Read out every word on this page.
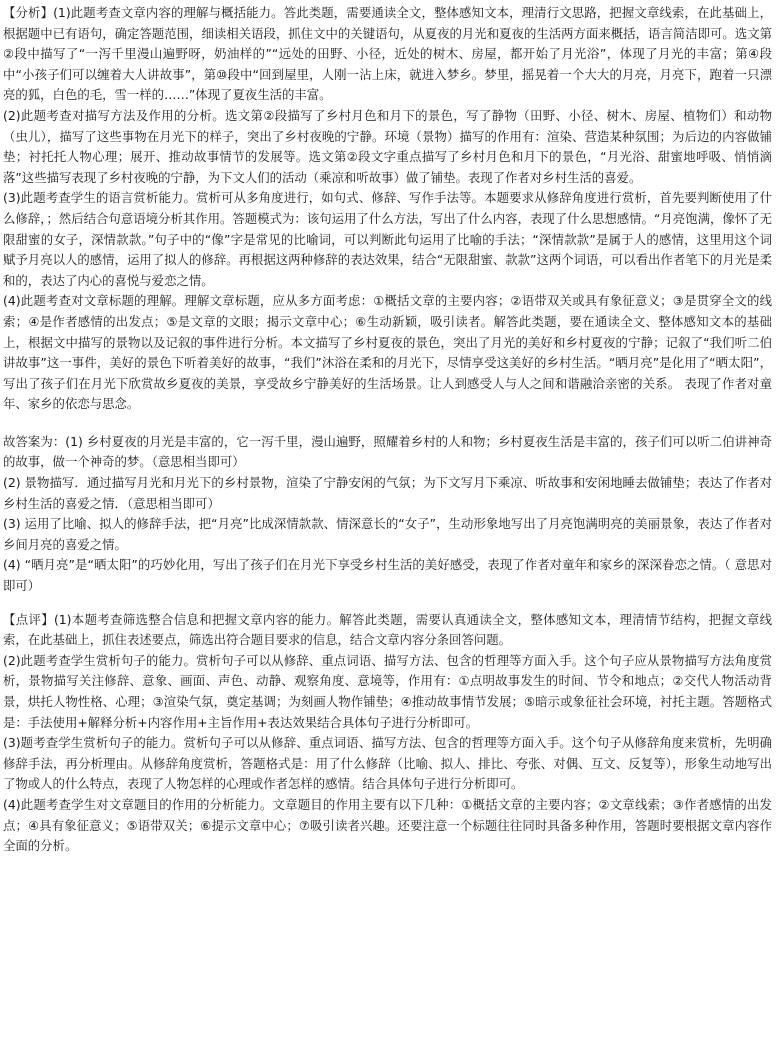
【分析】(1)此题考查文章内容的理解与概括能力。答此类题，需要通读全文，整体感知文本，理清行文思路，把握文章线索，在此基础上，根据题中已有语句，确定答题范围，细读相关语段，抓住文中的关键语句，从夏夜的月光和夏夜的生活两方面来概括，语言简洁即可。选文第②段中描写了“一泻千里漫山遍野呀，奶油样的”“远处的田野、小径，近处的树木、房屋，都开始了月光浴”，体现了月光的丰富；第④段中“小孩子们可以缠着大人讲故事”，第⑩段中“回到屋里，人刚一沾上床，就进入梦乡。梦里，摇晃着一个大大的月亮，月亮下，跑着一只漂亮的狐，白色的毛，雪一样的……”体现了夏夜生活的丰富。

(2)此题考查对描写方法及作用的分析。选文第②段描写了乡村月色和月下的景色，写了静物（田野、小径、树木、房屋、植物们）和动物（虫儿），描写了这些事物在月光下的样子，突出了乡村夜晚的宁静。环境（景物）描写的作用有：渲染、营造某种氛围；为后边的内容做铺垫；衬托托人物心理；展开、推动故事情节的发展等。选文第②段文字重点描写了乡村月色和月下的景色，“月光浴、甜蜜地呼吸、悄悄滴落”这些描写表现了乡村夜晚的宁静，为下文人们的活动（乘凉和听故事）做了铺垫。表现了作者对乡村生活的喜爱。

(3)此题考查学生的语言赏析能力。赏析可从多角度进行，如句式、修辞、写作手法等。本题要求从修辞角度进行赏析，首先要判断使用了什么修辞，；然后结合句意语境分析其作用。答题模式为：该句运用了什么方法，写出了什么内容，表现了什么思想感情。“月亮饱满，像怀了无限甜蜜的女子，深情款款。”句子中的“像”字是常见的比喻词，可以判断此句运用了比喻的手法；“深情款款”是属于人的感情，这里用这个词赋予月亮以人的感情，运用了拟人的修辞。再根据这两种修辞的表达效果，结合“无限甜蜜、款款”这两个词语，可以看出作者笔下的月光是柔和的，表达了内心的喜悦与爱恋之情。

(4)此题考查对文章标题的理解。理解文章标题，应从多方面考虑：①概括文章的主要内容；②语带双关或具有象征意义；③是贯穿全文的线索；④是作者感情的出发点；⑤是文章的文眼；揭示文章中心；⑥生动新颖，吸引读者。解答此类题，要在通读全文、整体感知文本的基础上，根据文中描写的景物以及记叙的事件进行分析。本文描写了乡村夏夜的景色，突出了月光的美好和乡村夏夜的宁静；记叙了“我们听二伯讲故事”这一事件，美好的景色下听着美好的故事，“我们”沐浴在柔和的月光下，尽情享受这美好的乡村生活。“晒月亮”是化用了“晒太阳”，写出了孩子们在月光下欣赏故乡夏夜的美景，享受故乡宁静美好的生活场景。让人到感受人与人之间和谐融洽亲密的关系。 表现了作者对童年、家乡的依恋与思念。

故答案为：(1) 乡村夏夜的月光是丰富的，它一泻千里，漫山遍野，照耀着乡村的人和物；乡村夏夜生活是丰富的，孩子们可以听二伯讲神奇的故事，做一个神奇的梦。（意思相当即可）

(2) 景物描写．通过描写月光和月光下的乡村景物，渲染了宁静安闲的气氛；为下文写月下乘凉、听故事和安闲地睡去做铺垫；表达了作者对乡村生活的喜爱之情．（意思相当即可）

(3) 运用了比喻、拟人的修辞手法，把“月亮”比成深情款款、情深意长的“女子”，生动形象地写出了月亮饱满明亮的美丽景象，表达了作者对乡间月亮的喜爱之情。

(4) “晒月亮”是“晒太阳”的巧妙化用，写出了孩子们在月光下享受乡村生活的美好感受，表现了作者对童年和家乡的深深眷恋之情。（ 意思对即可）

【点评】(1)本题考查筛选整合信息和把握文章内容的能力。解答此类题，需要认真通读全文，整体感知文本，理清情节结构，把握文章线索，在此基础上，抓住表述要点，筛选出符合题目要求的信息，结合文章内容分条回答问题。

(2)此题考查学生赏析句子的能力。赏析句子可以从修辞、重点词语、描写方法、包含的哲理等方面入手。这个句子应从景物描写方法角度赏析，景物描写关注修辞、意象、画面、声色、动静、观察角度、意境等，作用有：①点明故事发生的时间、节令和地点；②交代人物活动背景，烘托人物性格、心理；③渲染气氛，奠定基调；为刻画人物作铺垫；④推动故事情节发展；⑤暗示或象征社会环境，衬托主题。答题格式是：手法使用+解释分析+内容作用+主旨作用+表达效果结合具体句子进行分析即可。

(3)题考查学生赏析句子的能力。赏析句子可以从修辞、重点词语、描写方法、包含的哲理等方面入手。这个句子从修辞角度来赏析，先明确修辞手法，再分析理由。从修辞角度赏析，答题格式是：用了什么修辞（比喻、拟人、排比、夸张、对偶、互文、反复等），形象生动地写出了物或人的什么特点，表现了人物怎样的心理或作者怎样的感情。结合具体句子进行分析即可。

(4)此题考查学生对文章题目的作用的分析能力。文章题目的作用主要有以下几种：①概括文章的主要内容；②文章线索；③作者感情的出发点；④具有象征意义；⑤语带双关；⑥提示文章中心；⑦吸引读者兴趣。还要注意一个标题往往同时具备多种作用，答题时要根据文章内容作全面的分析。
